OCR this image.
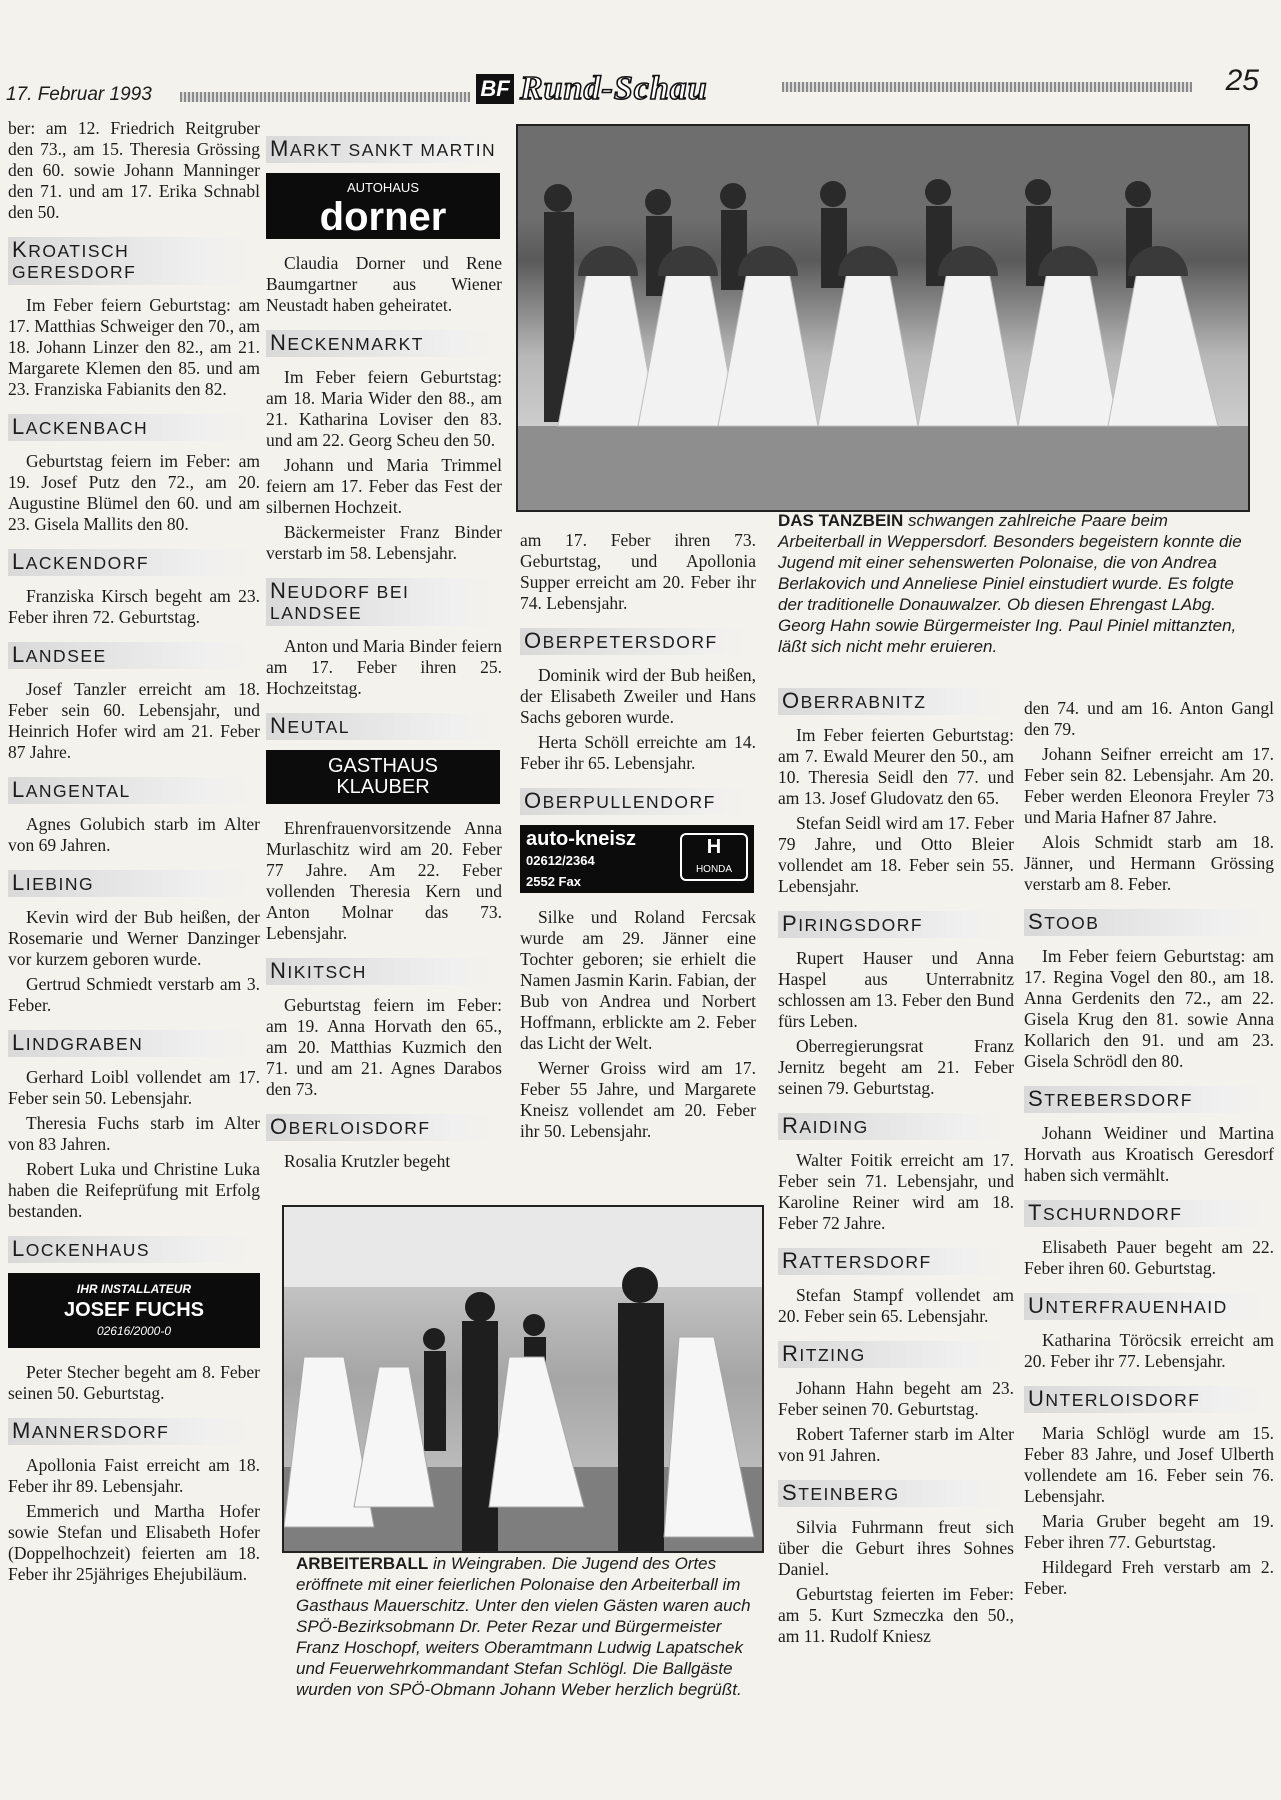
17. Februar 1993	BF Rund-Schau	25

ber: am 12. Friedrich Reitgruber den 73., am 15. Theresia Grössing den 60. sowie Johann Manninger den 71. und am 17. Erika Schnabl den 50.

KROATISCH GERESDORF

Im Feber feiern Geburtstag: am 17. Matthias Schweiger den 70., am 18. Johann Linzer den 82., am 21. Margarete Klemen den 85. und am 23. Franziska Fabianits den 82.

LACKENBACH

Geburtstag feiern im Feber: am 19. Josef Putz den 72., am 20. Augustine Blümel den 60. und am 23. Gisela Mallits den 80.

LACKENDORF

Franziska Kirsch begeht am 23. Feber ihren 72. Geburtstag.

LANDSEE

Josef Tanzler erreicht am 18. Feber sein 60. Lebensjahr, und Heinrich Hofer wird am 21. Feber 87 Jahre.

LANGENTAL

Agnes Golubich starb im Alter von 69 Jahren.

LIEBING

Kevin wird der Bub heißen, der Rosemarie und Werner Danzinger vor kurzem geboren wurde.

Gertrud Schmiedt verstarb am 3. Feber.

LINDGRABEN

Gerhard Loibl vollendet am 17. Feber sein 50. Lebensjahr.

Theresia Fuchs starb im Alter von 83 Jahren.

Robert Luka und Christine Luka haben die Reifeprüfung mit Erfolg bestanden.

LOCKENHAUS
IHR INSTALLATEUR
JOSEF FUCHS
02616/2000-0

Peter Stecher begeht am 8. Feber seinen 50. Geburtstag.

MANNERSDORF

Apollonia Faist erreicht am 18. Feber ihr 89. Lebensjahr.

Emmerich und Martha Hofer sowie Stefan und Elisabeth Hofer (Doppelhochzeit) feierten am 18. Feber ihr 25jähriges Ehejubiläum.

MARKT SANKT MARTIN
AUTOHAUS
dorner

Claudia Dorner und Rene Baumgartner aus Wiener Neustadt haben geheiratet.

NECKENMARKT

Im Feber feiern Geburtstag: am 18. Maria Wider den 88., am 21. Katharina Loviser den 83. und am 22. Georg Scheu den 50.

Johann und Maria Trimmel feiern am 17. Feber das Fest der silbernen Hochzeit.

Bäckermeister Franz Binder verstarb im 58. Lebensjahr.

NEUDORF BEI LANDSEE

Anton und Maria Binder feiern am 17. Feber ihren 25. Hochzeitstag.

NEUTAL
GASTHAUS
KLAUBER

Ehrenfrauenvorsitzende Anna Murlaschitz wird am 20. Feber 77 Jahre. Am 22. Feber vollenden Theresia Kern und Anton Molnar das 73. Lebensjahr.

NIKITSCH

Geburtstag feiern im Feber: am 19. Anna Horvath den 65., am 20. Matthias Kuzmich den 71. und am 21. Agnes Darabos den 73.

OBERLOISDORF

Rosalia Krutzler begeht

am 17. Feber ihren 73. Geburtstag, und Apollonia Supper erreicht am 20. Feber ihr 74. Lebensjahr.

OBERPETERSDORF

Dominik wird der Bub heißen, der Elisabeth Zweiler und Hans Sachs geboren wurde.

Herta Schöll erreichte am 14. Feber ihr 65. Lebensjahr.

OBERPULLENDORF
auto-kneisz
02612/2364
2552 Fax
H
HONDA

Silke und Roland Fercsak wurde am 29. Jänner eine Tochter geboren; sie erhielt die Namen Jasmin Karin. Fabian, der Bub von Andrea und Norbert Hoffmann, erblickte am 2. Feber das Licht der Welt.

Werner Groiss wird am 17. Feber 55 Jahre, und Margarete Kneisz vollendet am 20. Feber ihr 50. Lebensjahr.

DAS TANZBEIN schwangen zahlreiche Paare beim Arbeiterball in Weppersdorf. Besonders begeistern konnte die Jugend mit einer sehenswerten Polonaise, die von Andrea Berlakovich und Anneliese Piniel einstudiert wurde. Es folgte der traditionelle Donauwalzer. Ob diesen Ehrengast LAbg. Georg Hahn sowie Bürgermeister Ing. Paul Piniel mittanzten, läßt sich nicht mehr eruieren.
ARBEITERBALL in Weingraben. Die Jugend des Ortes eröffnete mit einer feierlichen Polonaise den Arbeiterball im Gasthaus Mauerschitz. Unter den vielen Gästen waren auch SPÖ-Bezirksobmann Dr. Peter Rezar und Bürgermeister Franz Hoschopf, weiters Oberamtmann Ludwig Lapatschek und Feuerwehrkommandant Stefan Schlögl. Die Ballgäste wurden von SPÖ-Obmann Johann Weber herzlich begrüßt.
OBERRABNITZ

Im Feber feierten Geburtstag: am 7. Ewald Meurer den 50., am 10. Theresia Seidl den 77. und am 13. Josef Gludovatz den 65.

Stefan Seidl wird am 17. Feber 79 Jahre, und Otto Bleier vollendet am 18. Feber sein 55. Lebensjahr.

PIRINGSDORF

Rupert Hauser und Anna Haspel aus Unterrabnitz schlossen am 13. Feber den Bund fürs Leben.

Oberregierungsrat Franz Jernitz begeht am 21. Feber seinen 79. Geburtstag.

RAIDING

Walter Foitik erreicht am 17. Feber sein 71. Lebensjahr, und Karoline Reiner wird am 18. Feber 72 Jahre.

RATTERSDORF

Stefan Stampf vollendet am 20. Feber sein 65. Lebensjahr.

RITZING

Johann Hahn begeht am 23. Feber seinen 70. Geburtstag.

Robert Taferner starb im Alter von 91 Jahren.

STEINBERG

Silvia Fuhrmann freut sich über die Geburt ihres Sohnes Daniel.

Geburtstag feierten im Feber: am 5. Kurt Szmeczka den 50., am 11. Rudolf Kniesz

den 74. und am 16. Anton Gangl den 79.

Johann Seifner erreicht am 17. Feber sein 82. Lebensjahr. Am 20. Feber werden Eleonora Freyler 73 und Maria Hafner 87 Jahre.

Alois Schmidt starb am 18. Jänner, und Hermann Grössing verstarb am 8. Feber.

STOOB

Im Feber feiern Geburtstag: am 17. Regina Vogel den 80., am 18. Anna Gerdenits den 72., am 22. Gisela Krug den 81. sowie Anna Kollarich den 91. und am 23. Gisela Schrödl den 80.

STREBERSDORF

Johann Weidiner und Martina Horvath aus Kroatisch Geresdorf haben sich vermählt.

TSCHURNDORF

Elisabeth Pauer begeht am 22. Feber ihren 60. Geburtstag.

UNTERFRAUENHAID

Katharina Töröcsik erreicht am 20. Feber ihr 77. Lebensjahr.

UNTERLOISDORF

Maria Schlögl wurde am 15. Feber 83 Jahre, und Josef Ulberth vollendete am 16. Feber sein 76. Lebensjahr.

Maria Gruber begeht am 19. Feber ihren 77. Geburtstag.

Hildegard Freh verstarb am 2. Feber.
